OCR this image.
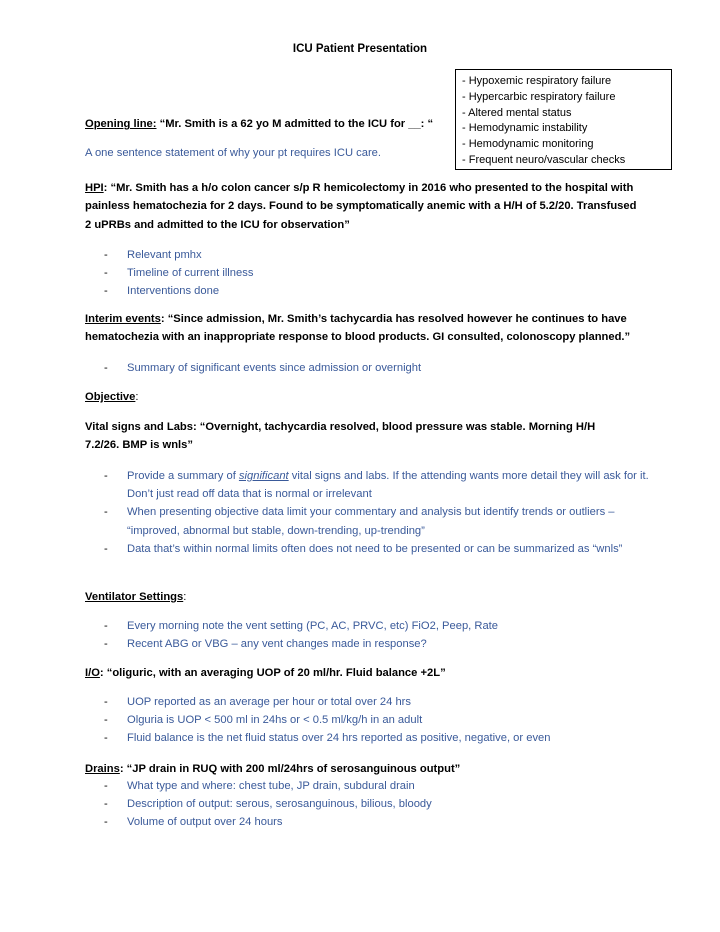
ICU Patient Presentation
- Hypoxemic respiratory failure
- Hypercarbic respiratory failure
- Altered mental status
- Hemodynamic instability
- Hemodynamic monitoring
- Frequent neuro/vascular checks
Opening line: “Mr. Smith is a 62 yo M admitted to the ICU for __: “
A one sentence statement of why your pt requires ICU care.
HPI: “Mr. Smith has a h/o colon cancer s/p R hemicolectomy in 2016 who presented to the hospital with painless hematochezia for 2 days. Found to be symptomatically anemic with a H/H of 5.2/20. Transfused 2 uPRBs and admitted to the ICU for observation”
- Relevant pmhx
- Timeline of current illness
- Interventions done
Interim events: “Since admission, Mr. Smith’s tachycardia has resolved however he continues to have hematochezia with an inappropriate response to blood products. GI consulted, colonoscopy planned.”
- Summary of significant events since admission or overnight
Objective:
Vital signs and Labs: “Overnight, tachycardia resolved, blood pressure was stable. Morning H/H 7.2/26. BMP is wnls”
- Provide a summary of significant vital signs and labs. If the attending wants more detail they will ask for it. Don’t just read off data that is normal or irrelevant
- When presenting objective data limit your commentary and analysis but identify trends or outliers – “improved, abnormal but stable, down-trending, up-trending”
- Data that’s within normal limits often does not need to be presented or can be summarized as “wnls”
Ventilator Settings:
- Every morning note the vent setting (PC, AC, PRVC, etc) FiO2, Peep, Rate
- Recent ABG or VBG – any vent changes made in response?
I/O: “oliguric, with an averaging UOP of 20 ml/hr. Fluid balance +2L”
- UOP reported as an average per hour or total over 24 hrs
- Olguria is UOP < 500 ml in 24hs or < 0.5 ml/kg/h in an adult
- Fluid balance is the net fluid status over 24 hrs reported as positive, negative, or even
Drains: “JP drain in RUQ with 200 ml/24hrs of serosanguinous output”
- What type and where: chest tube, JP drain, subdural drain
- Description of output: serous, serosanguinous, bilious, bloody
- Volume of output over 24 hours
